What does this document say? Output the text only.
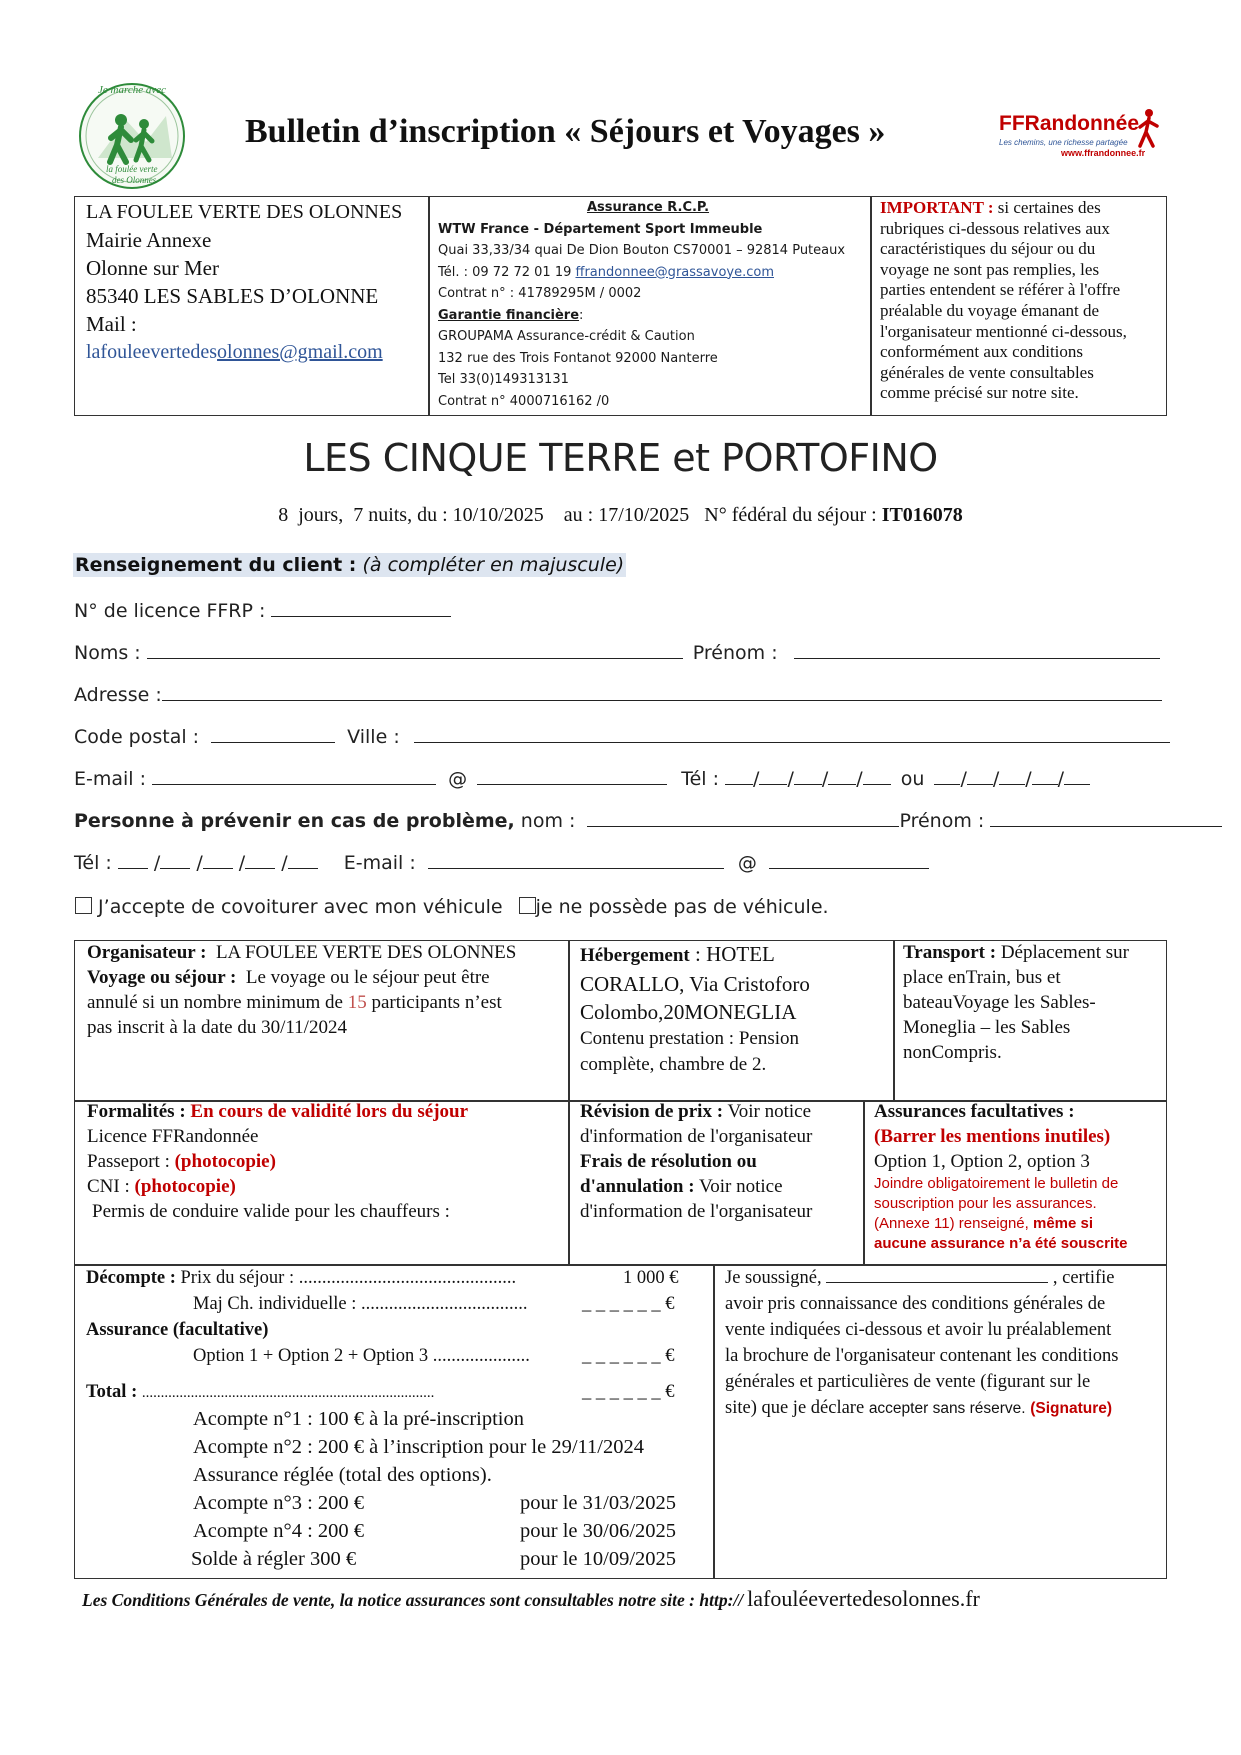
Je marche avec
la foulée verte
des Olonnes
Bulletin d’inscription « Séjours et Voyages »	FFRandonnée
Les chemins, une richesse partagée
www.ffrandonnee.fr
LA FOULEE VERTE DES OLONNES
Mairie Annexe
Olonne sur Mer
85340 LES SABLES D’OLONNE
Mail :
lafouleevertedesolonnes@gmail.com
Assurance R.C.P.
WTW France - Département Sport Immeuble
Quai 33,33/34 quai De Dion Bouton CS70001 – 92814 Puteaux
Tél. : 09 72 72 01 19 ffrandonnee@grassavoye.com
Contrat n° : 41789295M / 0002
Garantie financière:
GROUPAMA Assurance-crédit & Caution
132 rue des Trois Fontanot 92000 Nanterre
Tel 33(0)149313131
Contrat n° 4000716162 /0
IMPORTANT : si certaines des
rubriques ci-dessous relatives aux
caractéristiques du séjour ou du
voyage ne sont pas remplies, les
parties entendent se référer à l'offre
préalable du voyage émanant de
l'organisateur mentionné ci-dessous,
conformément aux conditions
générales de vente consultables
comme précisé sur notre site.
LES CINQUE TERRE et PORTOFINO
8  jours,  7 nuits, du : 10/10/2025    au : 17/10/2025   N° fédéral du séjour : IT016078
Renseignement du client : (à compléter en majuscule)
N° de licence FFRP :
Noms :	Prénom :
Adresse :
Code postal :	Ville :
E-mail :	@	Tél : / / / / ou / / / /
Personne à prévenir en cas de problème, nom :	Prénom :
Tél : / / / /	E-mail :	@
J’accepte de covoiturer avec mon véhicule je ne possède pas de véhicule.
Organisateur : LA FOULEE VERTE DES OLONNES
Voyage ou séjour : Le voyage ou le séjour peut être
annulé si un nombre minimum de 15 participants n’est
pas inscrit à la date du 30/11/2024
Hébergement : HOTEL
CORALLO, Via Cristoforo
Colombo,20MONEGLIA
Contenu prestation : Pension
complète, chambre de 2.
Transport : Déplacement sur
place enTrain, bus et
bateauVoyage les Sables-
Moneglia – les Sables
nonCompris.
Formalités : En cours de validité lors du séjour
Licence FFRandonnée
Passeport : (photocopie)
CNI : (photocopie)
Permis de conduire valide pour les chauffeurs :
Révision de prix : Voir notice
d'information de l'organisateur
Frais de résolution ou
d'annulation : Voir notice
d'information de l'organisateur
Assurances facultatives :
(Barrer les mentions inutiles)
Option 1, Option 2, option 3
Joindre obligatoirement le bulletin de
souscription pour les assurances.
(Annexe 11) renseigné, même si
aucune assurance n’a été souscrite
Décompte : Prix du séjour : ...............................................	1 000 €
Maj Ch. individuelle : ....................................	_ _ _ _ _ _ €
Assurance (facultative)
Option 1 + Option 2 + Option 3 .....................	_ _ _ _ _ _ €
Total : ..............................................................................	_ _ _ _ _ _ €
Acompte n°1 : 100 € à la pré-inscription
Acompte n°2 : 200 € à l’inscription pour le 29/11/2024
Assurance réglée (total des options).
Acompte n°3 : 200 €	pour le 31/03/2025
Acompte n°4 : 200 €	pour le 30/06/2025
Solde à régler 300 €	pour le 10/09/2025
Je soussigné,	, certifie
avoir pris connaissance des conditions générales de
vente indiquées ci-dessous et avoir lu préalablement
la brochure de l'organisateur contenant les conditions
générales et particulières de vente (figurant sur le
site) que je déclare accepter sans réserve. (Signature)
Les Conditions Générales de vente, la notice assurances sont consultables notre site : http:// lafouléevertedesolonnes.fr
